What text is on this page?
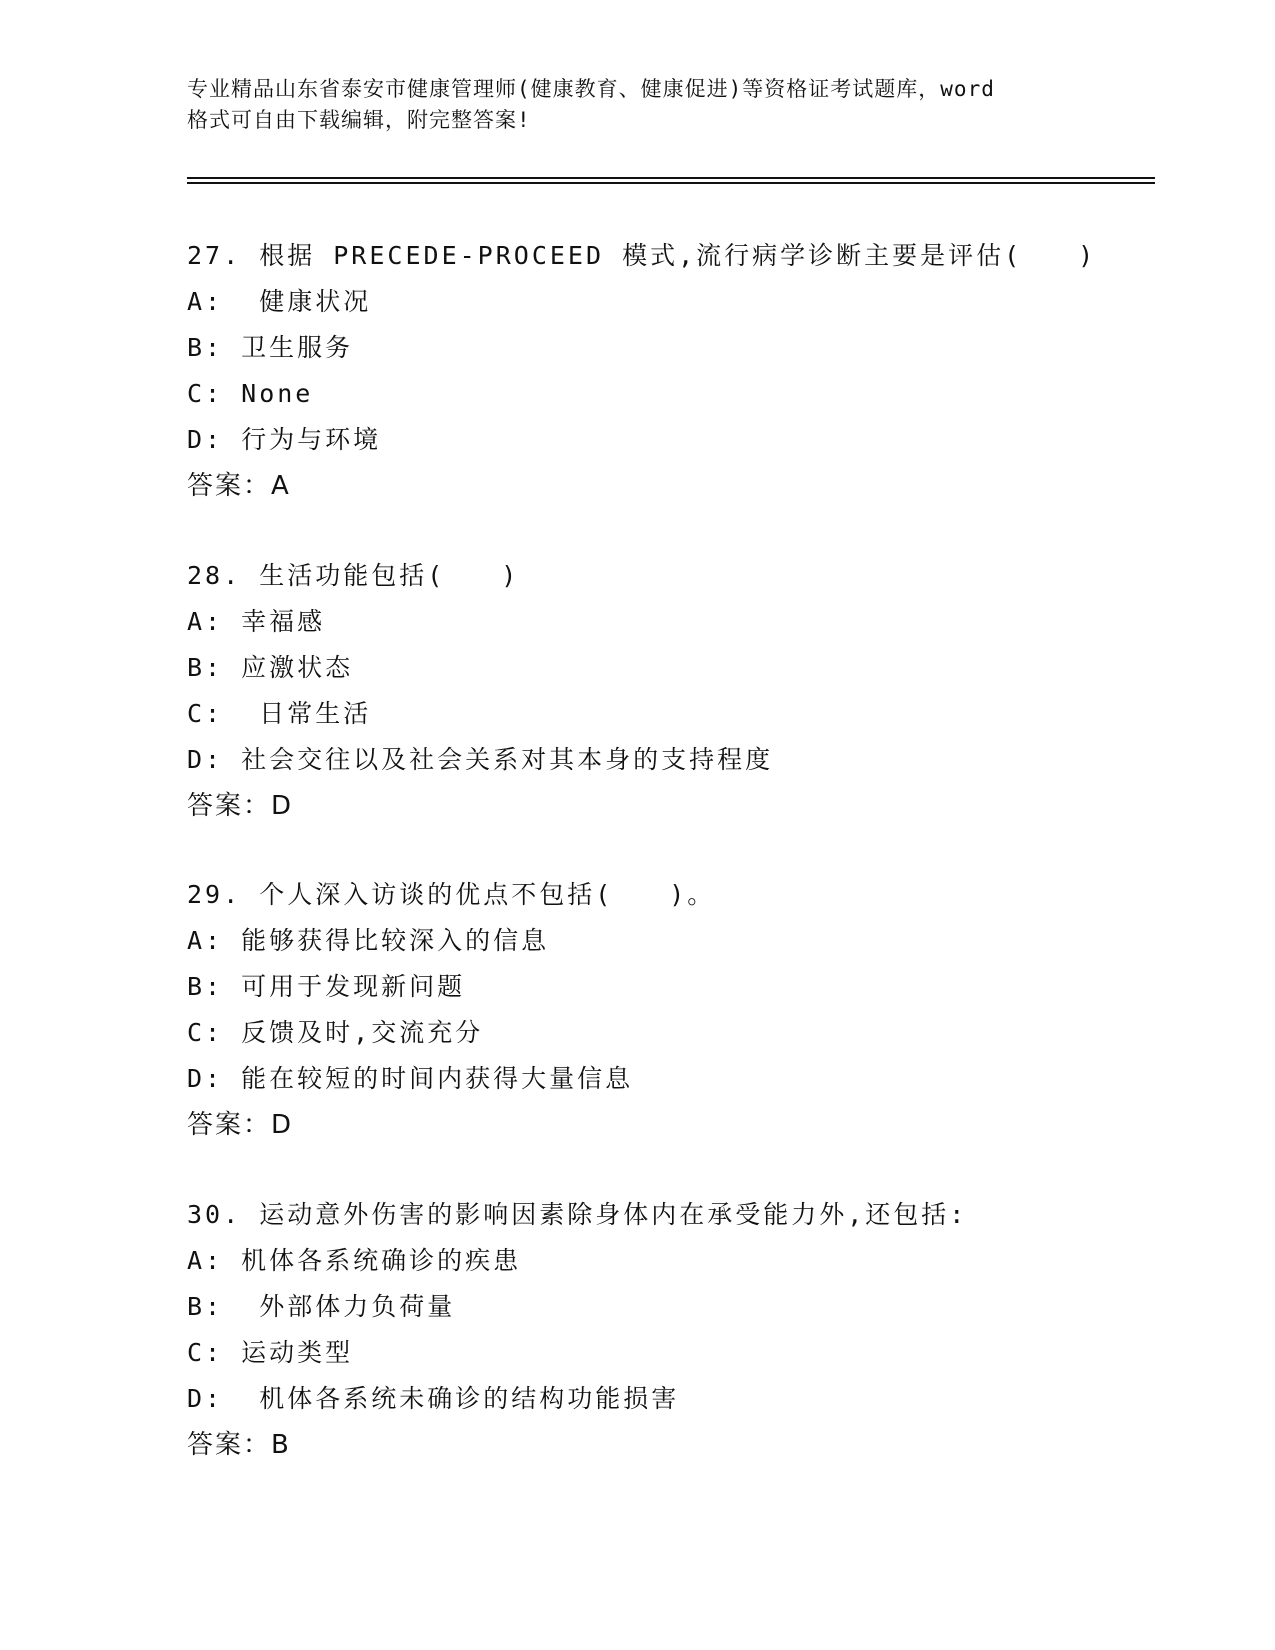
专业精品山东省泰安市健康管理师(健康教育、健康促进)等资格证考试题库，word
格式可自由下载编辑，附完整答案!
27. 根据 PRECEDE-PROCEED 模式,流行病学诊断主要是评估(　　)
A:  健康状况
B: 卫生服务
C: None
D: 行为与环境
答案：A
28. 生活功能包括(　　)
A: 幸福感
B: 应激状态
C:  日常生活
D: 社会交往以及社会关系对其本身的支持程度
答案：D
29. 个人深入访谈的优点不包括(　　)。
A: 能够获得比较深入的信息
B: 可用于发现新问题
C: 反馈及时,交流充分
D: 能在较短的时间内获得大量信息
答案：D
30. 运动意外伤害的影响因素除身体内在承受能力外,还包括:
A: 机体各系统确诊的疾患
B:  外部体力负荷量
C: 运动类型
D:  机体各系统未确诊的结构功能损害
答案：B
